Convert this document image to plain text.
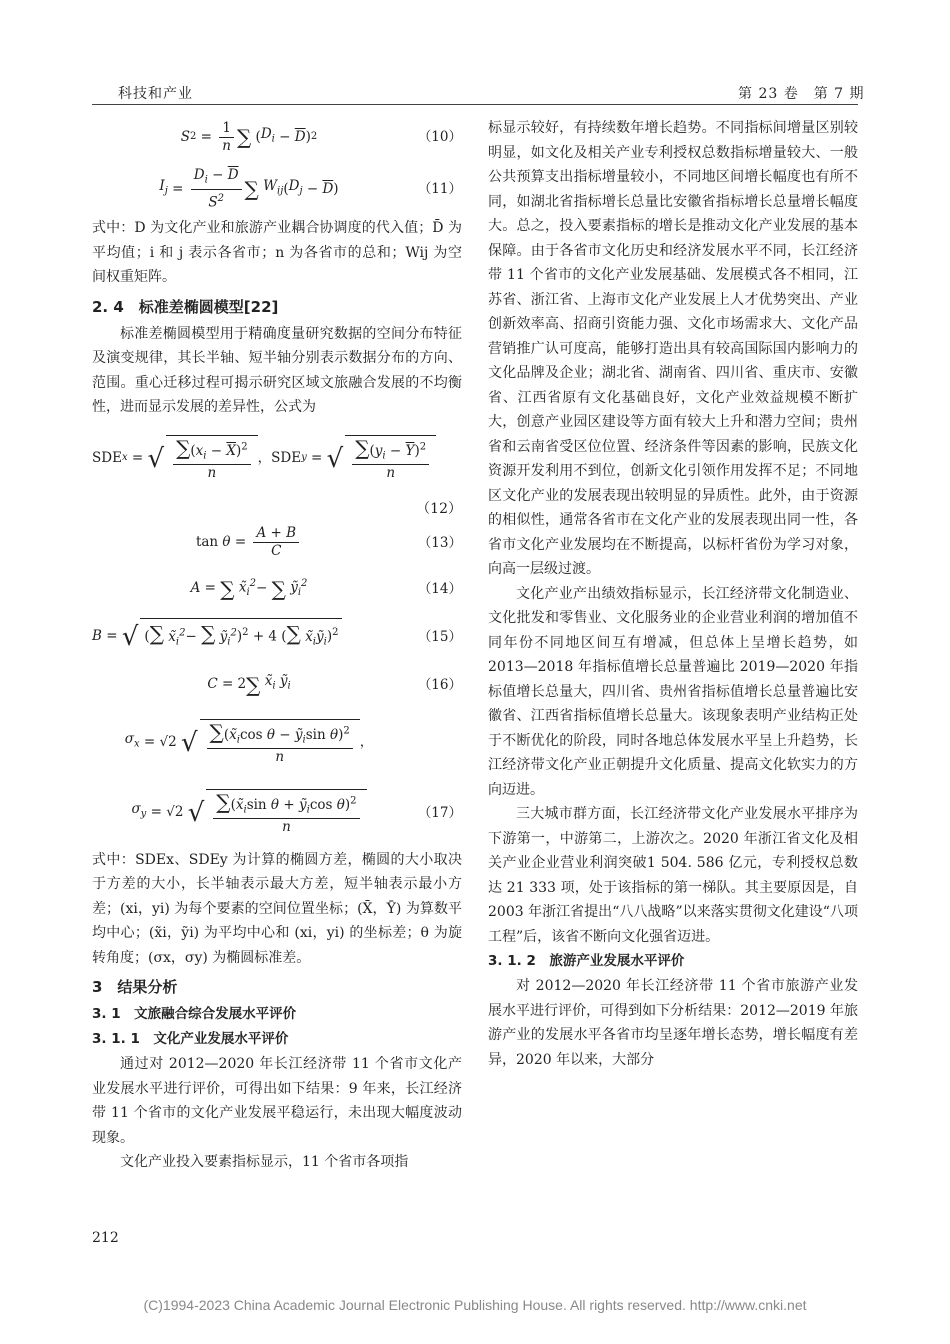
科技和产业	第 23 卷　第 7 期
S $2 = \frac{1}{n}$ ∑ ( $D_i - \overline{D}$ ) 2	（10）
$I_j = \frac{D_i - \overline{D}}{S^2}$ ∑
$W_{ij}$ ( $D_j - \overline{D}$ )	（11）

式中：D 为文化产业和旅游产业耦合协调度的代入值；D̄ 为平均值；i 和 j 表示各省市；n 为各省市的总和；Wij 为空间权重矩阵。

2. 4　标准差椭圆模型[22]

标准差椭圆模型用于精确度量研究数据的空间分布特征及演变规律，其长半轴、短半轴分别表示数据分布的方向、范围。重心迁移过程可揭示研究区域文旅融合发展的不均衡性，进而显示发展的差异性，公式为

SDE x = √ $\frac{\sum(x_i - \overline{X})^2}{n}$ ，SDE y = √ $\frac{\sum(y_i - \overline{Y})^2}{n}$
（12）
$\tan \theta = \frac{A + B}{C}$	（13）
A = ∑
$x̃_i^2$ − ∑
ỹ$_i^2$	（14）
B = √ (∑ $x̃_i^2-$ ∑ ỹ$_i^2$)$^2$ + 4 (∑ $x̃_iỹ_i)^2$	（15）
C = 2 ∑
$x̃_i$ ỹ$_i$	（16）
$\sigma_x = √2$ √ $\frac{\sum(x̃_i\cos \theta - ỹ_i\sin \theta)^2}{n}$ ，
$\sigma_y = √2$ √ $\frac{\sum(x̃_i\sin \theta + ỹ_i\cos \theta)^2}{n}$	（17）

式中：SDEx、SDEy 为计算的椭圆方差，椭圆的大小取决于方差的大小，长半轴表示最大方差，短半轴表示最小方差；(xi，yi) 为每个要素的空间位置坐标；(X̄，Ȳ) 为算数平均中心；(x̃i，ỹi) 为平均中心和 (xi，yi) 的坐标差；θ 为旋转角度；(σx，σy) 为椭圆标准差。

3　结果分析
3. 1　文旅融合综合发展水平评价
3. 1. 1　文化产业发展水平评价

通过对 2012—2020 年长江经济带 11 个省市文化产业发展水平进行评价，可得出如下结果：9 年来，长江经济带 11 个省市的文化产业发展平稳运行，未出现大幅度波动现象。

文化产业投入要素指标显示，11 个省市各项指

标显示较好，有持续数年增长趋势。不同指标间增量区别较明显，如文化及相关产业专利授权总数指标增量较大、一般公共预算支出指标增量较小，不同地区间增长幅度也有所不同，如湖北省指标增长总量比安徽省指标增长总量增长幅度大。总之，投入要素指标的增长是推动文化产业发展的基本保障。由于各省市文化历史和经济发展水平不同，长江经济带 11 个省市的文化产业发展基础、发展模式各不相同，江苏省、浙江省、上海市文化产业发展上人才优势突出、产业创新效率高、招商引资能力强、文化市场需求大、文化产品营销推广认可度高，能够打造出具有较高国际国内影响力的文化品牌及企业；湖北省、湖南省、四川省、重庆市、安徽省、江西省原有文化基础良好，文化产业效益规模不断扩大，创意产业园区建设等方面有较大上升和潜力空间；贵州省和云南省受区位位置、经济条件等因素的影响，民族文化资源开发利用不到位，创新文化引领作用发挥不足；不同地区文化产业的发展表现出较明显的异质性。此外，由于资源的相似性，通常各省市在文化产业的发展表现出同一性，各省市文化产业发展均在不断提高，以标杆省份为学习对象，向高一层级过渡。

文化产业产出绩效指标显示，长江经济带文化制造业、文化批发和零售业、文化服务业的企业营业利润的增加值不同年份不同地区间互有增减，但总体上呈增长趋势，如 2013—2018 年指标值增长总量普遍比 2019—2020 年指标值增长总量大，四川省、贵州省指标值增长总量普遍比安徽省、江西省指标值增长总量大。该现象表明产业结构正处于不断优化的阶段，同时各地总体发展水平呈上升趋势，长江经济带文化产业正朝提升文化质量、提高文化软实力的方向迈进。

三大城市群方面，长江经济带文化产业发展水平排序为下游第一，中游第二，上游次之。2020 年浙江省文化及相关产业企业营业利润突破1 504. 586 亿元，专利授权总数达 21 333 项，处于该指标的第一梯队。其主要原因是，自 2003 年浙江省提出“八八战略”以来落实贯彻文化建设“八项工程”后，该省不断向文化强省迈进。

3. 1. 2　旅游产业发展水平评价

对 2012—2020 年长江经济带 11 个省市旅游产业发展水平进行评价，可得到如下分析结果：2012—2019 年旅游产业的发展水平各省市均呈逐年增长态势，增长幅度有差异，2020 年以来，大部分

212
(C)1994-2023 China Academic Journal Electronic Publishing House. All rights reserved. http://www.cnki.net
